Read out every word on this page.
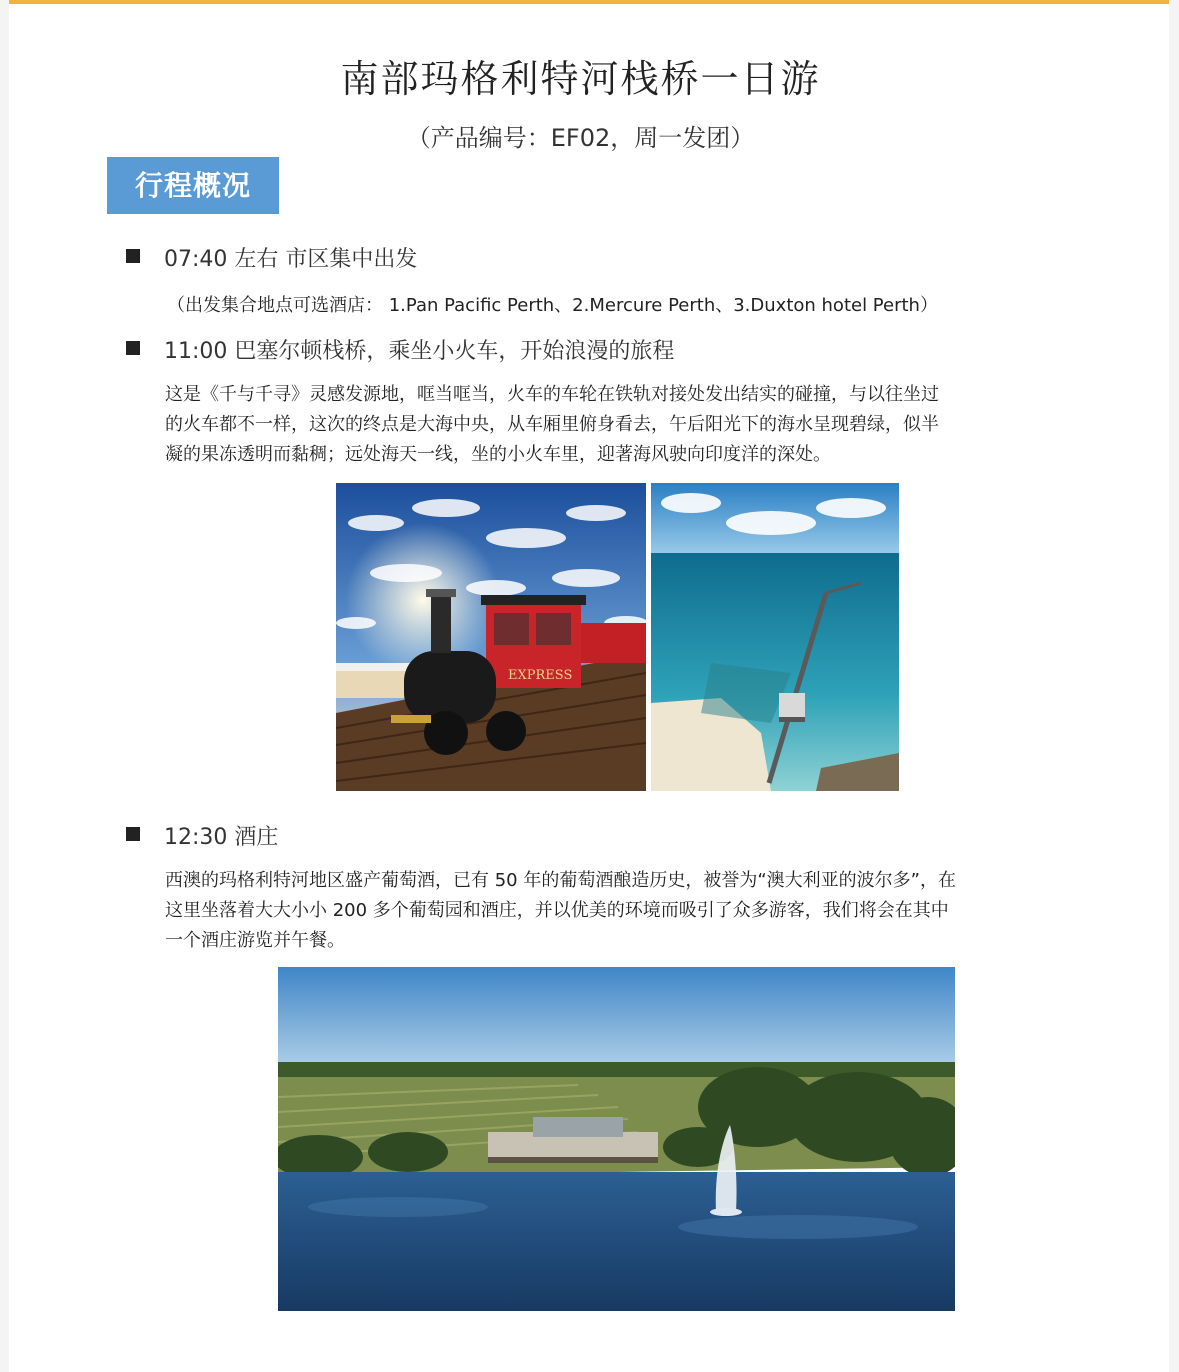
南部玛格利特河栈桥一日游
（产品编号：EF02，周一发团）
行程概况
07:40 左右 市区集中出发
（出发集合地点可选酒店： 1.Pan Pacific Perth、2.Mercure Perth、3.Duxton hotel Perth）
11:00 巴塞尔顿栈桥，乘坐小火车，开始浪漫的旅程
这是《千与千寻》灵感发源地，哐当哐当，火车的车轮在铁轨对接处发出结实的碰撞，与以往坐过
的火车都不一样，这次的终点是大海中央，从车厢里俯身看去，午后阳光下的海水呈现碧绿，似半
凝的果冻透明而黏稠；远处海天一线，坐的小火车里，迎著海风驶向印度洋的深处。
EXPRESS
12:30 酒庄
西澳的玛格利特河地区盛产葡萄酒，已有 50 年的葡萄酒酿造历史，被誉为“澳大利亚的波尔多”，在
这里坐落着大大小小 200 多个葡萄园和酒庄，并以优美的环境而吸引了众多游客，我们将会在其中
一个酒庄游览并午餐。
